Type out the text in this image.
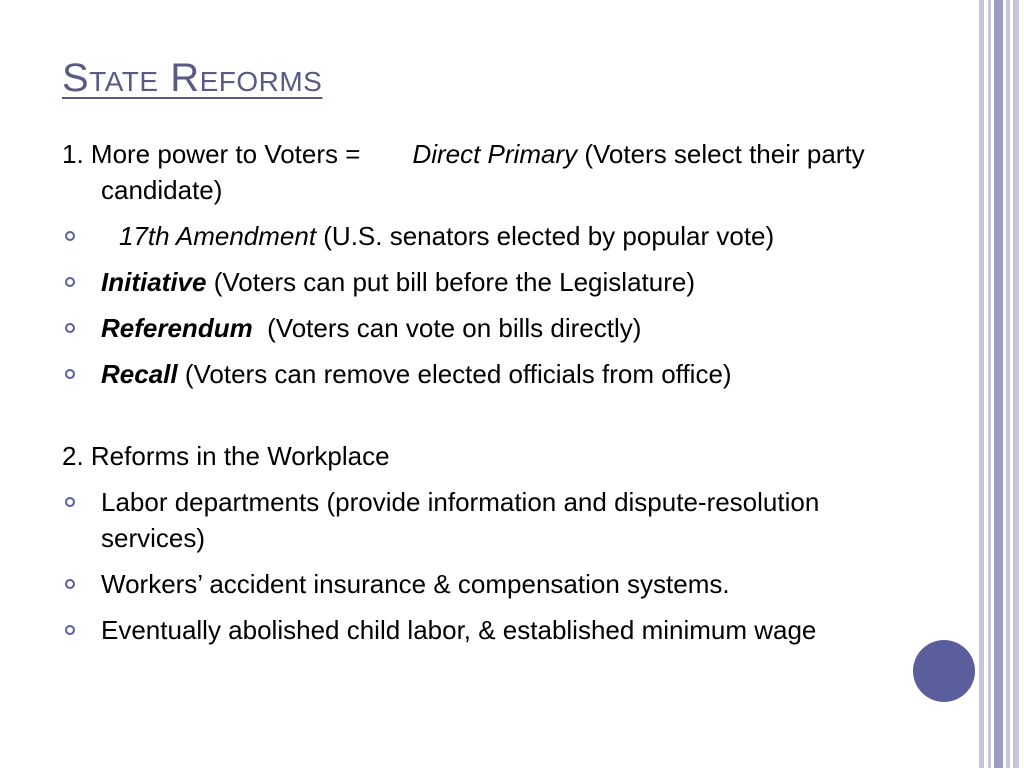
State Reforms

1. More power to Voters = Direct Primary (Voters select their party candidate)

17th Amendment (U.S. senators elected by popular vote)

Initiative (Voters can put bill before the Legislature)

Referendum  (Voters can vote on bills directly)

Recall (Voters can remove elected officials from office)

2. Reforms in the Workplace

Labor departments (provide information and dispute-resolution services)

Workers’ accident insurance & compensation systems.

Eventually abolished child labor, & established minimum wage
